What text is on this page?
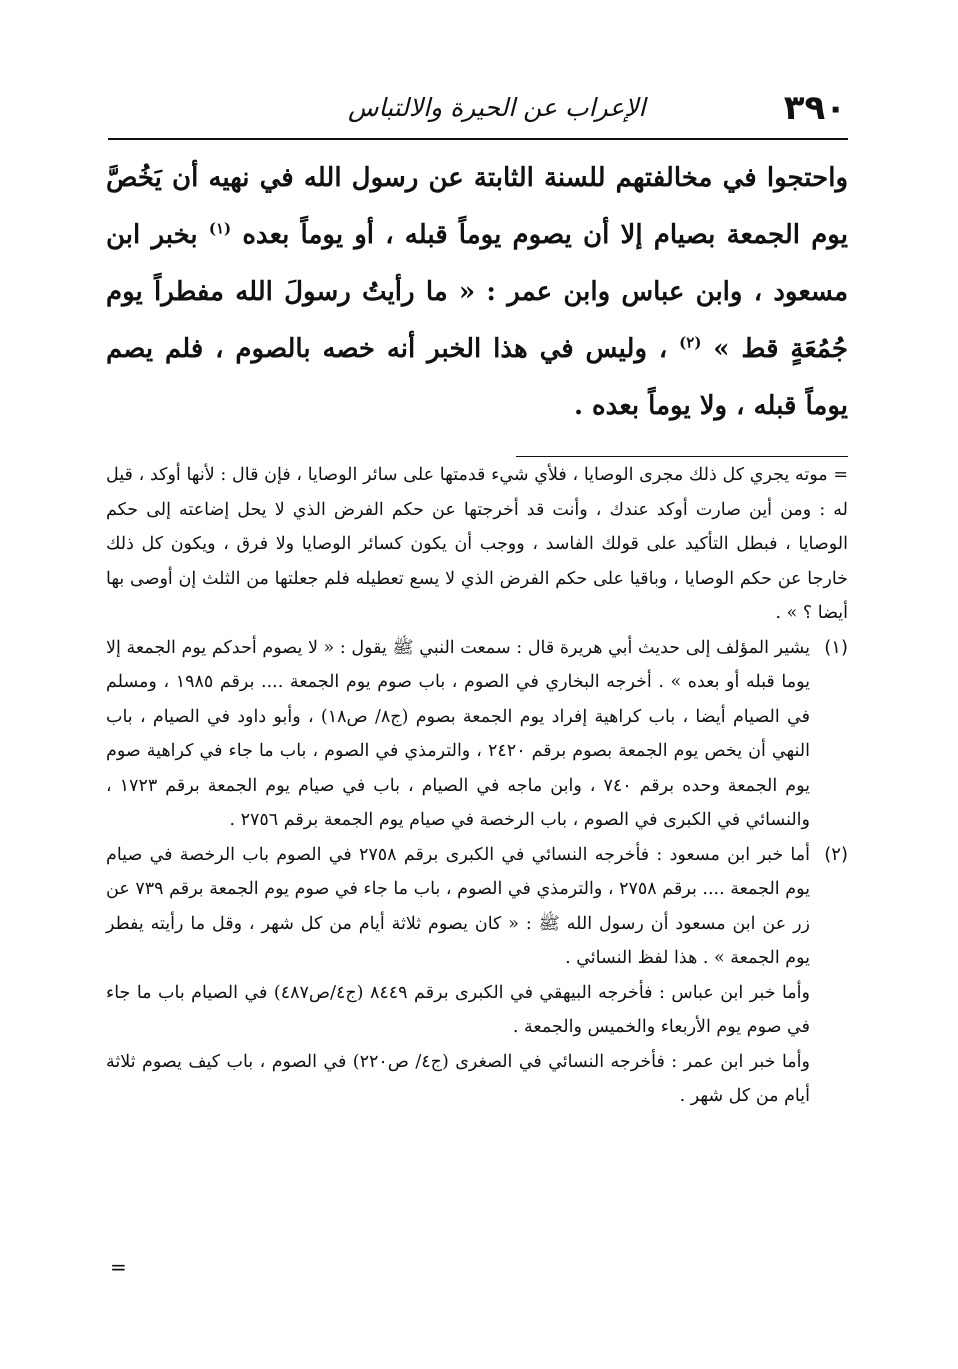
٣٩٠
الإعراب عن الحيرة والالتباس

واحتجوا في مخالفتهم للسنة الثابتة عن رسول الله في نهيه أن يَخُصَّ يوم الجمعة بصيام إلا أن يصوم يوماً قبله ، أو يوماً بعده $^{(١)}$ بخبر ابن مسعود ، وابن عباس وابن عمر : « ما رأيتُ رسولَ الله مفطراً يوم جُمُعَةٍ قط » $^{(٢)}$ ، وليس في هذا الخبر أنه خصه بالصوم ، فلم يصم يوماً قبله ، ولا يوماً بعده .

= موته يجري كل ذلك مجرى الوصايا ، فلأي شيء قدمتها على سائر الوصايا ، فإن قال : لأنها أوكد ، قيل له : ومن أين صارت أوكد عندك ، وأنت قد أخرجتها عن حكم الفرض الذي لا يحل إضاعته إلى حكم الوصايا ، فبطل التأكيد على قولك الفاسد ، ووجب أن يكون كسائر الوصايا ولا فرق ، ويكون كل ذلك خارجا عن حكم الوصايا ، وباقيا على حكم الفرض الذي لا يسع تعطيله فلم جعلتها من الثلث إن أوصى بها أيضا ؟ » .

(١)

يشير المؤلف إلى حديث أبي هريرة قال : سمعت النبي ﷺ يقول : « لا يصوم أحدكم يوم الجمعة إلا يوما قبله أو بعده » . أخرجه البخاري في الصوم ، باب صوم يوم الجمعة .... برقم ١٩٨٥ ، ومسلم في الصيام أيضا ، باب كراهية إفراد يوم الجمعة بصوم (ج٨/ ص١٨) ، وأبو داود في الصيام ، باب النهي أن يخص يوم الجمعة بصوم برقم ٢٤٢٠ ، والترمذي في الصوم ، باب ما جاء في كراهية صوم يوم الجمعة وحده برقم ٧٤٠ ، وابن ماجه في الصيام ، باب في صيام يوم الجمعة برقم ١٧٢٣ ، والنسائي في الكبرى في الصوم ، باب الرخصة في صيام يوم الجمعة برقم ٢٧٥٦ .

(٢)

أما خبر ابن مسعود : فأخرجه النسائي في الكبرى برقم ٢٧٥٨ في الصوم باب الرخصة في صيام يوم الجمعة .... برقم ٢٧٥٨ ، والترمذي في الصوم ، باب ما جاء في صوم يوم الجمعة برقم ٧٣٩ عن زر عن ابن مسعود أن رسول الله ﷺ : « كان يصوم ثلاثة أيام من كل شهر ، وقل ما رأيته يفطر يوم الجمعة » . هذا لفظ النسائي .

وأما خبر ابن عباس : فأخرجه البيهقي في الكبرى برقم ٨٤٤٩ (ج٤/ص٤٨٧) في الصيام باب ما جاء في صوم يوم الأربعاء والخميس والجمعة .

وأما خبر ابن عمر : فأخرجه النسائي في الصغرى (ج٤/ ص٢٢٠) في الصوم ، باب كيف يصوم ثلاثة أيام من كل شهر .

=
